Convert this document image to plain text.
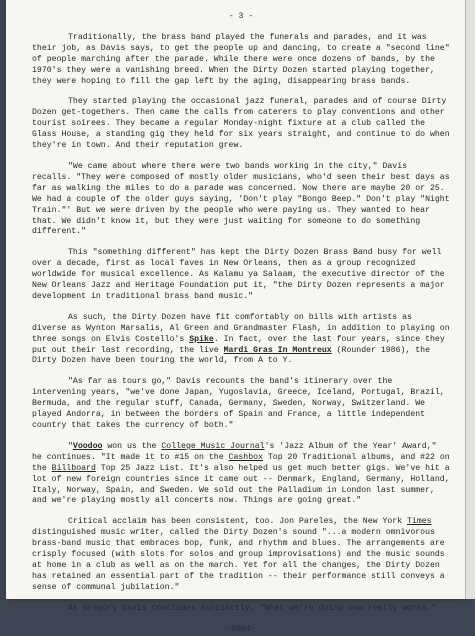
- 3 -

Traditionally, the brass band played the funerals and parades, and it was their job, as Davis says, to get the people up and dancing, to create a "second line" of people marching after the parade. While there were once dozens of bands, by the 1970's they were a vanishing breed. When the Dirty Dozen started playing together, they were hoping to fill the gap left by the aging, disappearing brass bands.

They started playing the occasional jazz funeral, parades and of course Dirty Dozen get-togethers. Then came the calls from caterers to play conventions and other tourist soirees. They became a regular Monday-night fixture at a club called the Glass House, a standing gig they held for six years straight, and continue to do when they're in town. And their reputation grew.

"We came about where there were two bands working in the city," Davis recalls. "They were composed of mostly older musicians, who'd seen their best days as far as walking the miles to do a parade was concerned. Now there are maybe 20 or 25. We had a couple of the older guys saying, 'Don't play "Bongo Beep." Don't play "Night Train."' But we were driven by the people who were paying us. They wanted to hear that. We didn't know it, but they were just waiting for someone to do something different."

This "something different" has kept the Dirty Dozen Brass Band busy for well over a decade, first as local faves in New Orleans, then as a group recognized worldwide for musical excellence. As Kalamu ya Salaam, the executive director of the New Orleans Jazz and Heritage Foundation put it, "the Dirty Dozen represents a major development in traditional brass band music."

As such, the Dirty Dozen have fit comfortably on bills with artists as diverse as Wynton Marsalis, Al Green and Grandmaster Flash, in addition to playing on three songs on Elvis Costello's Spike. In fact, over the last four years, since they put out their last recording, the live Mardi Gras In Montreux (Rounder 1986), the Dirty Dozen have been touring the world, from A to Y.

"As far as tours go," Davis recounts the band's itinerary over the intervening years, "we've done Japan, Yugoslavia, Greece, Iceland, Portugal, Brazil, Bermuda, and the regular stuff, Canada, Germany, Sweden, Norway, Switzerland. We played Andorra, in between the borders of Spain and France, a little independent country that takes the currency of both."

"Voodoo won us the College Music Journal's 'Jazz Album of the Year' Award," he continues. "It made it to #15 on the Cashbox Top 20 Traditional albums, and #22 on the Billboard Top 25 Jazz List. It's also helped us get much better gigs. We've hit a lot of new foreign countries since it came out -- Denmark, England, Germany, Holland, Italy, Norway, Spain, and Sweden. We sold out the Palladium in London last summer, and we're playing mostly all concerts now. Things are going great."

Critical acclaim has been consistent, too. Jon Pareles, the New York Times distinguished music writer, called the Dirty Dozen's sound "...a modern omnivorous brass-band music that embraces bop, funk, and rhythm and blues. The arrangements are crisply focused (with slots for solos and group improvisations) and the music sounds at home in a club as well as on the march. Yet for all the changes, the Dirty Dozen has retained an essential part of the tradition -- their performance still conveys a sense of communal jubilation."

As Gregory Davis concludes succinctly, "What we're doing now really works."

-9004-
